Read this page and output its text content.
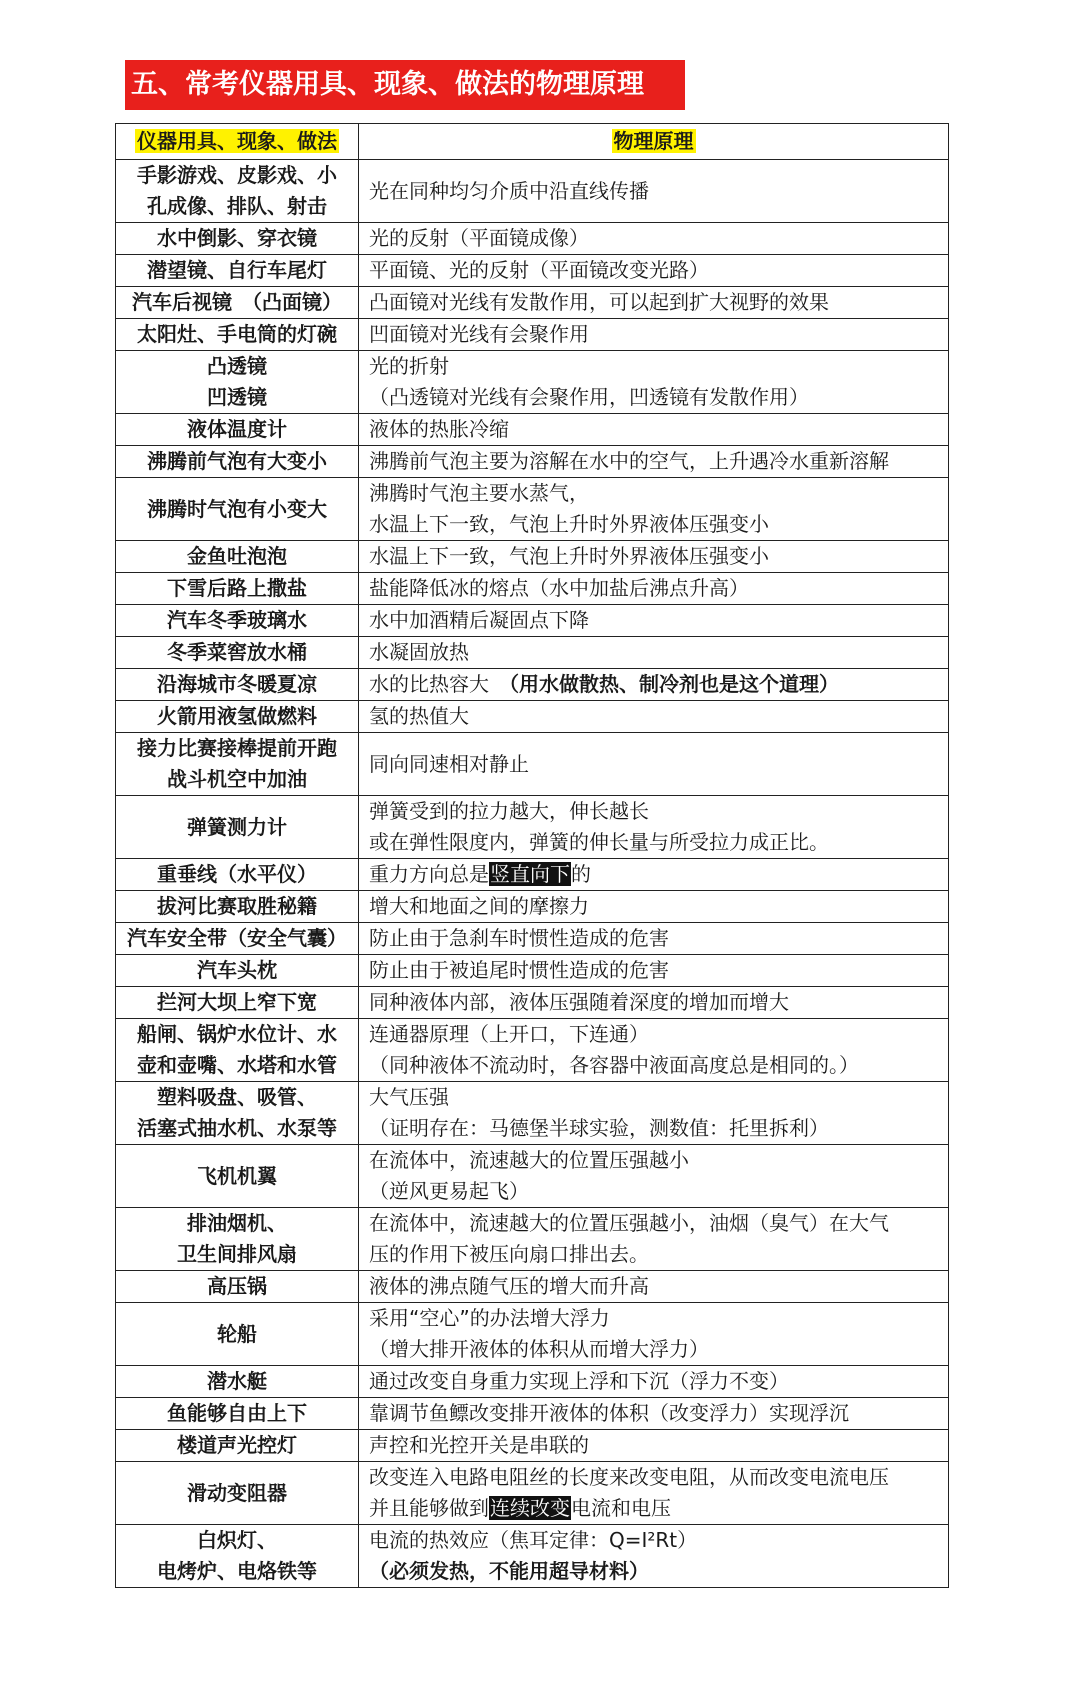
五、常考仪器用具、现象、做法的物理原理
仪器用具、现象、做法	物理原理

手影游戏、皮影戏、小
孔成像、排队、射击	光在同种均匀介质中沿直线传播

水中倒影、穿衣镜	光的反射（平面镜成像）

潜望镜、自行车尾灯	平面镜、光的反射（平面镜改变光路）

汽车后视镜　（凸面镜）	凸面镜对光线有发散作用，可以起到扩大视野的效果

太阳灶、手电筒的灯碗	凹面镜对光线有会聚作用

凸透镜
凹透镜	光的折射
（凸透镜对光线有会聚作用，凹透镜有发散作用）

液体温度计	液体的热胀冷缩

沸腾前气泡有大变小	沸腾前气泡主要为溶解在水中的空气，上升遇冷水重新溶解

沸腾时气泡有小变大	沸腾时气泡主要水蒸气，
水温上下一致，气泡上升时外界液体压强变小

金鱼吐泡泡	水温上下一致，气泡上升时外界液体压强变小

下雪后路上撒盐	盐能降低冰的熔点（水中加盐后沸点升高）

汽车冬季玻璃水	水中加酒精后凝固点下降

冬季菜窖放水桶	水凝固放热

沿海城市冬暖夏凉	水的比热容大　（用水做散热、制冷剂也是这个道理）

火箭用液氢做燃料	氢的热值大

接力比赛接棒提前开跑
战斗机空中加油	同向同速相对静止

弹簧测力计	弹簧受到的拉力越大，伸长越长
或在弹性限度内，弹簧的伸长量与所受拉力成正比。

重垂线（水平仪）	重力方向总是竖直向下的

拔河比赛取胜秘籍	增大和地面之间的摩擦力

汽车安全带（安全气囊）	防止由于急刹车时惯性造成的危害

汽车头枕	防止由于被追尾时惯性造成的危害

拦河大坝上窄下宽	同种液体内部，液体压强随着深度的增加而增大

船闸、锅炉水位计、水
壶和壶嘴、水塔和水管	连通器原理（上开口，下连通）
（同种液体不流动时，各容器中液面高度总是相同的。）

塑料吸盘、吸管、
活塞式抽水机、水泵等	大气压强
（证明存在：马德堡半球实验，测数值：托里拆利）

飞机机翼	在流体中，流速越大的位置压强越小
（逆风更易起飞）

排油烟机、
卫生间排风扇	在流体中，流速越大的位置压强越小，油烟（臭气）在大气
压的作用下被压向扇口排出去。

高压锅	液体的沸点随气压的增大而升高

轮船	采用“空心”的办法增大浮力
（增大排开液体的体积从而增大浮力）

潜水艇	通过改变自身重力实现上浮和下沉（浮力不变）

鱼能够自由上下	靠调节鱼鳔改变排开液体的体积（改变浮力）实现浮沉

楼道声光控灯	声控和光控开关是串联的

滑动变阻器	改变连入电路电阻丝的长度来改变电阻，从而改变电流电压
并且能够做到连续改变电流和电压

白炽灯、
电烤炉、电烙铁等	电流的热效应（焦耳定律：Q=I²Rt）
（必须发热，不能用超导材料）
